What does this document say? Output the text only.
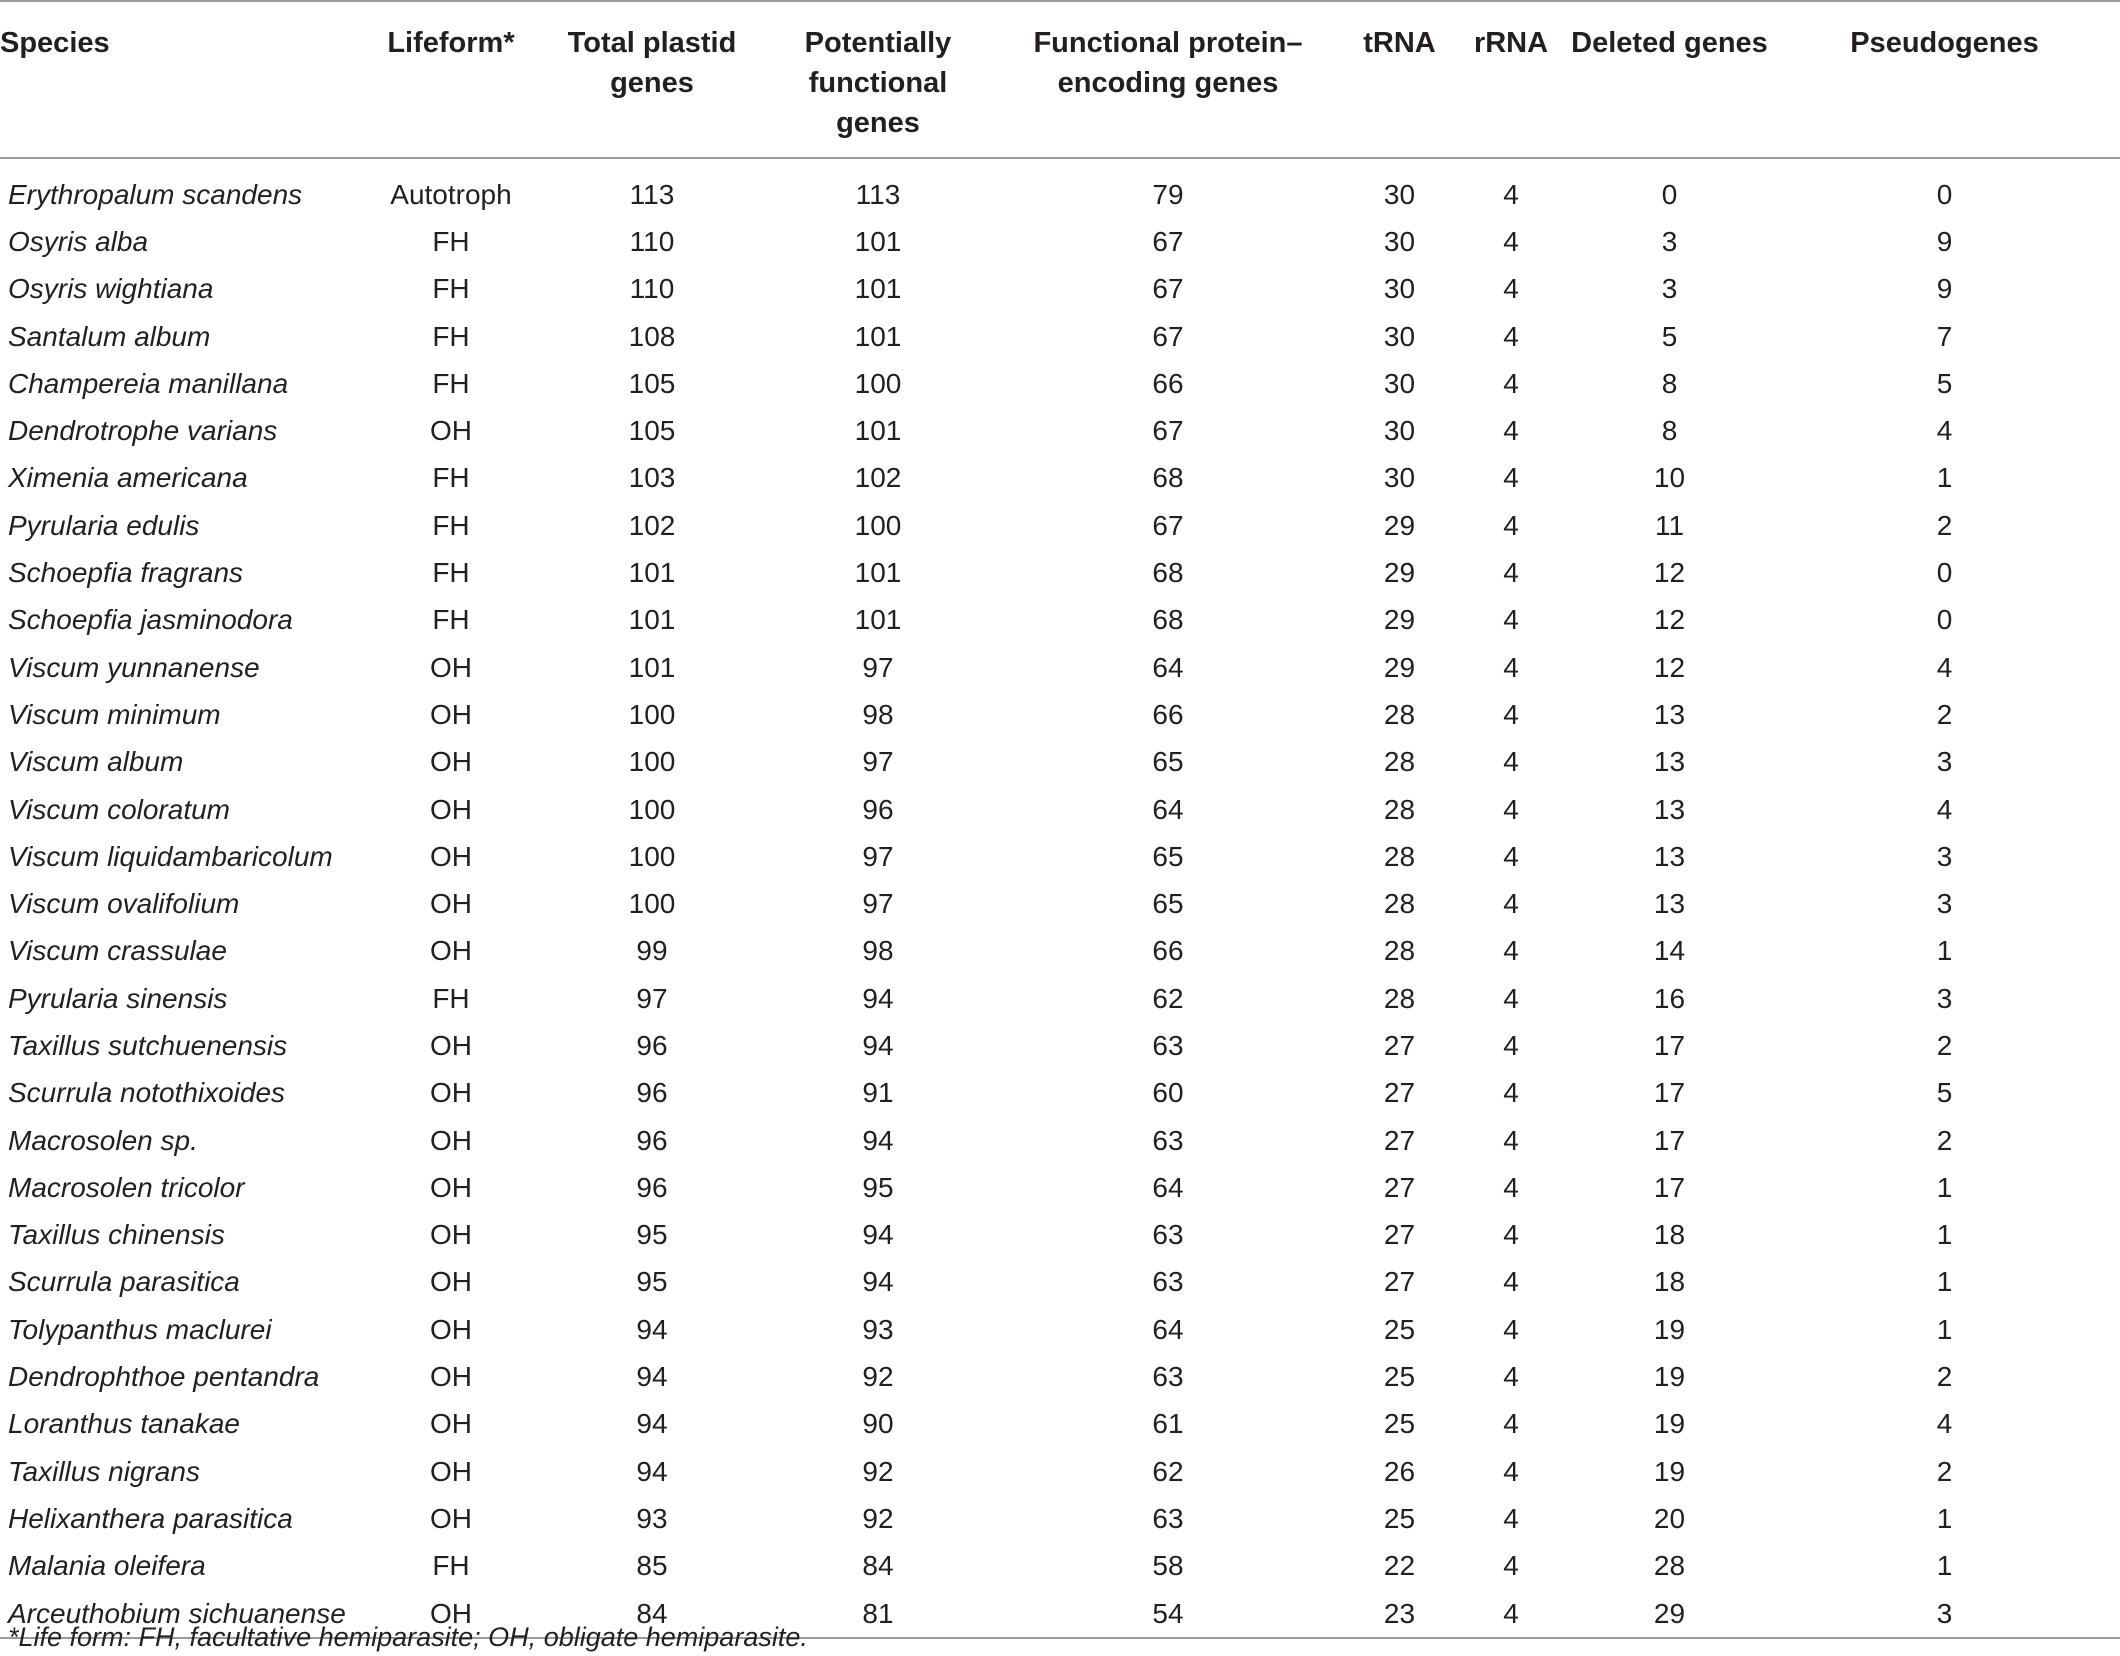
Species	Lifeform*	Total plastid genes	Potentially functional genes	Functional protein–encoding genes	tRNA	rRNA	Deleted genes	Pseudogenes

Erythropalum scandens	Autotroph	113	113	79	30	4	0	0
Osyris alba	FH	110	101	67	30	4	3	9
Osyris wightiana	FH	110	101	67	30	4	3	9
Santalum album	FH	108	101	67	30	4	5	7
Champereia manillana	FH	105	100	66	30	4	8	5
Dendrotrophe varians	OH	105	101	67	30	4	8	4
Ximenia americana	FH	103	102	68	30	4	10	1
Pyrularia edulis	FH	102	100	67	29	4	11	2
Schoepfia fragrans	FH	101	101	68	29	4	12	0
Schoepfia jasminodora	FH	101	101	68	29	4	12	0
Viscum yunnanense	OH	101	97	64	29	4	12	4
Viscum minimum	OH	100	98	66	28	4	13	2
Viscum album	OH	100	97	65	28	4	13	3
Viscum coloratum	OH	100	96	64	28	4	13	4
Viscum liquidambaricolum	OH	100	97	65	28	4	13	3
Viscum ovalifolium	OH	100	97	65	28	4	13	3
Viscum crassulae	OH	99	98	66	28	4	14	1
Pyrularia sinensis	FH	97	94	62	28	4	16	3
Taxillus sutchuenensis	OH	96	94	63	27	4	17	2
Scurrula notothixoides	OH	96	91	60	27	4	17	5
Macrosolen sp.	OH	96	94	63	27	4	17	2
Macrosolen tricolor	OH	96	95	64	27	4	17	1
Taxillus chinensis	OH	95	94	63	27	4	18	1
Scurrula parasitica	OH	95	94	63	27	4	18	1
Tolypanthus maclurei	OH	94	93	64	25	4	19	1
Dendrophthoe pentandra	OH	94	92	63	25	4	19	2
Loranthus tanakae	OH	94	90	61	25	4	19	4
Taxillus nigrans	OH	94	92	62	26	4	19	2
Helixanthera parasitica	OH	93	92	63	25	4	20	1
Malania oleifera	FH	85	84	58	22	4	28	1
Arceuthobium sichuanense	OH	84	81	54	23	4	29	3
*Life form: FH, facultative hemiparasite; OH, obligate hemiparasite.
